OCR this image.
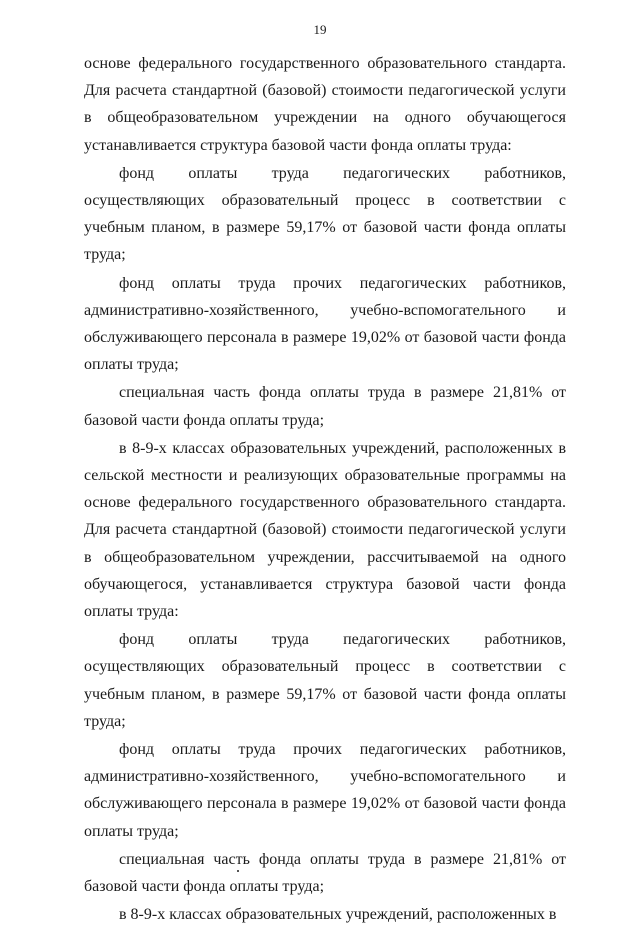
19

основе федерального государственного образовательного стандарта. Для расчета стандартной (базовой) стоимости педагогической услуги в общеобразовательном учреждении на одного обучающегося устанавливается структура базовой части фонда оплаты труда:

фонд оплаты труда педагогических работников, осуществляющих образовательный процесс в соответствии с учебным планом, в размере 59,17% от базовой части фонда оплаты труда;

фонд оплаты труда прочих педагогических работников, административно-хозяйственного, учебно-вспомогательного и обслуживающего персонала в размере 19,02% от базовой части фонда оплаты труда;

специальная часть фонда оплаты труда в размере 21,81% от базовой части фонда оплаты труда;

в 8-9-х классах образовательных учреждений, расположенных в сельской местности и реализующих образовательные программы на основе федерального государственного образовательного стандарта. Для расчета стандартной (базовой) стоимости педагогической услуги в общеобразовательном учреждении, рассчитываемой на одного обучающегося, устанавливается структура базовой части фонда оплаты труда:

фонд оплаты труда педагогических работников, осуществляющих образовательный процесс в соответствии с учебным планом, в размере 59,17% от базовой части фонда оплаты труда;

фонд оплаты труда прочих педагогических работников, административно-хозяйственного, учебно-вспомогательного и обслуживающего персонала в размере 19,02% от базовой части фонда оплаты труда;

специальная часть фонда оплаты труда в размере 21,81% от базовой части фонда оплаты труда;

в 8-9-х классах образовательных учреждений, расположенных в
